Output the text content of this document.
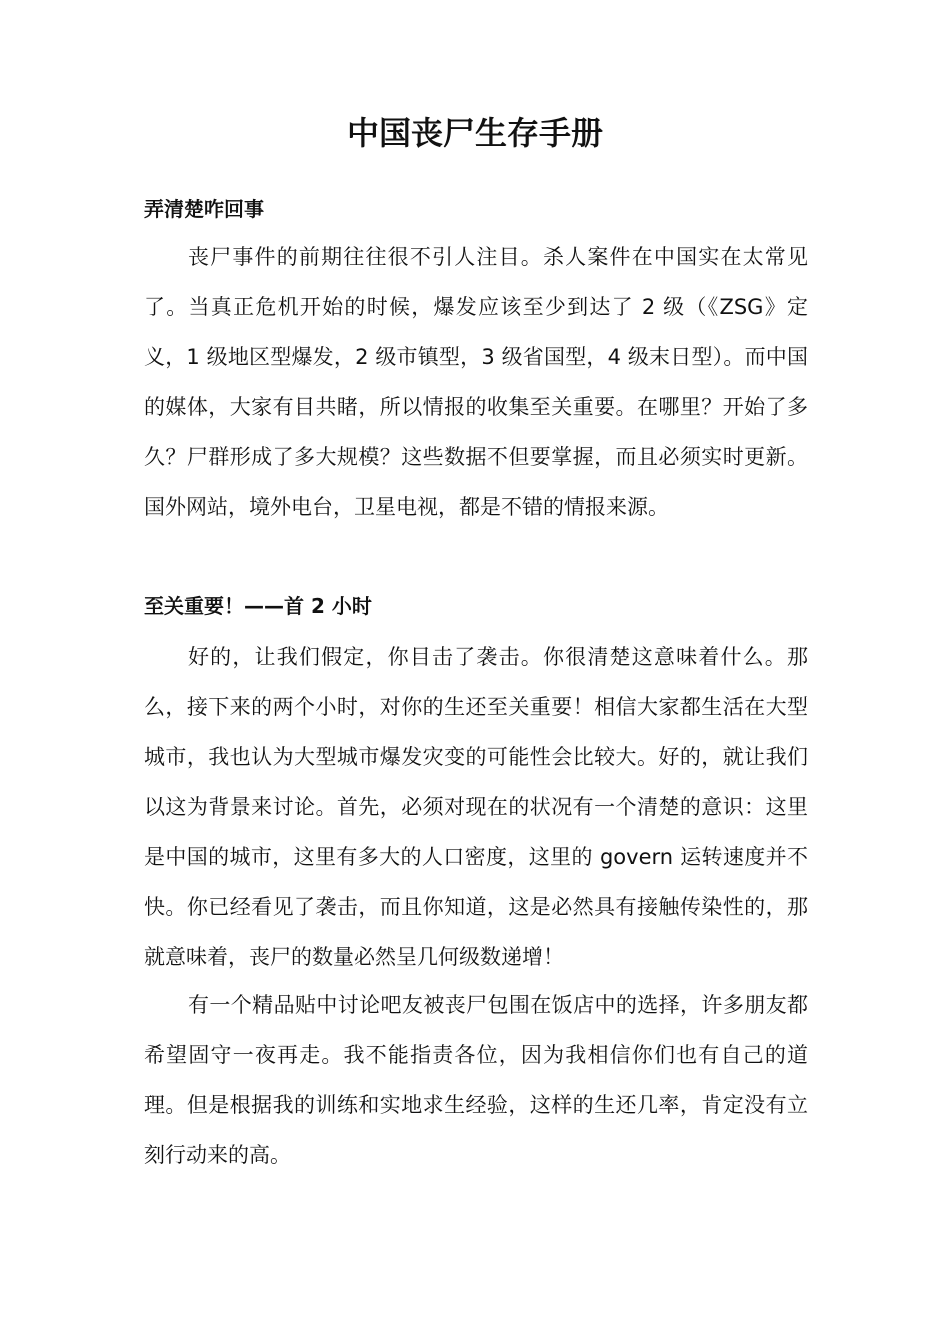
中国丧尸生存手册
弄清楚咋回事

丧尸事件的前期往往很不引人注目。杀人案件在中国实在太常见了。当真正危机开始的时候，爆发应该至少到达了 2 级（《ZSG》定义，1 级地区型爆发，2 级市镇型，3 级省国型，4 级末日型）。而中国的媒体，大家有目共睹，所以情报的收集至关重要。在哪里？开始了多久？尸群形成了多大规模？这些数据不但要掌握，而且必须实时更新。国外网站，境外电台，卫星电视，都是不错的情报来源。

至关重要！——首 2 小时

好的，让我们假定，你目击了袭击。你很清楚这意味着什么。那么，接下来的两个小时，对你的生还至关重要！相信大家都生活在大型城市，我也认为大型城市爆发灾变的可能性会比较大。好的，就让我们以这为背景来讨论。首先，必须对现在的状况有一个清楚的意识：这里是中国的城市，这里有多大的人口密度，这里的 govern 运转速度并不快。你已经看见了袭击，而且你知道，这是必然具有接触传染性的，那就意味着，丧尸的数量必然呈几何级数递增！

有一个精品贴中讨论吧友被丧尸包围在饭店中的选择，许多朋友都希望固守一夜再走。我不能指责各位，因为我相信你们也有自己的道理。但是根据我的训练和实地求生经验，这样的生还几率，肯定没有立刻行动来的高。
